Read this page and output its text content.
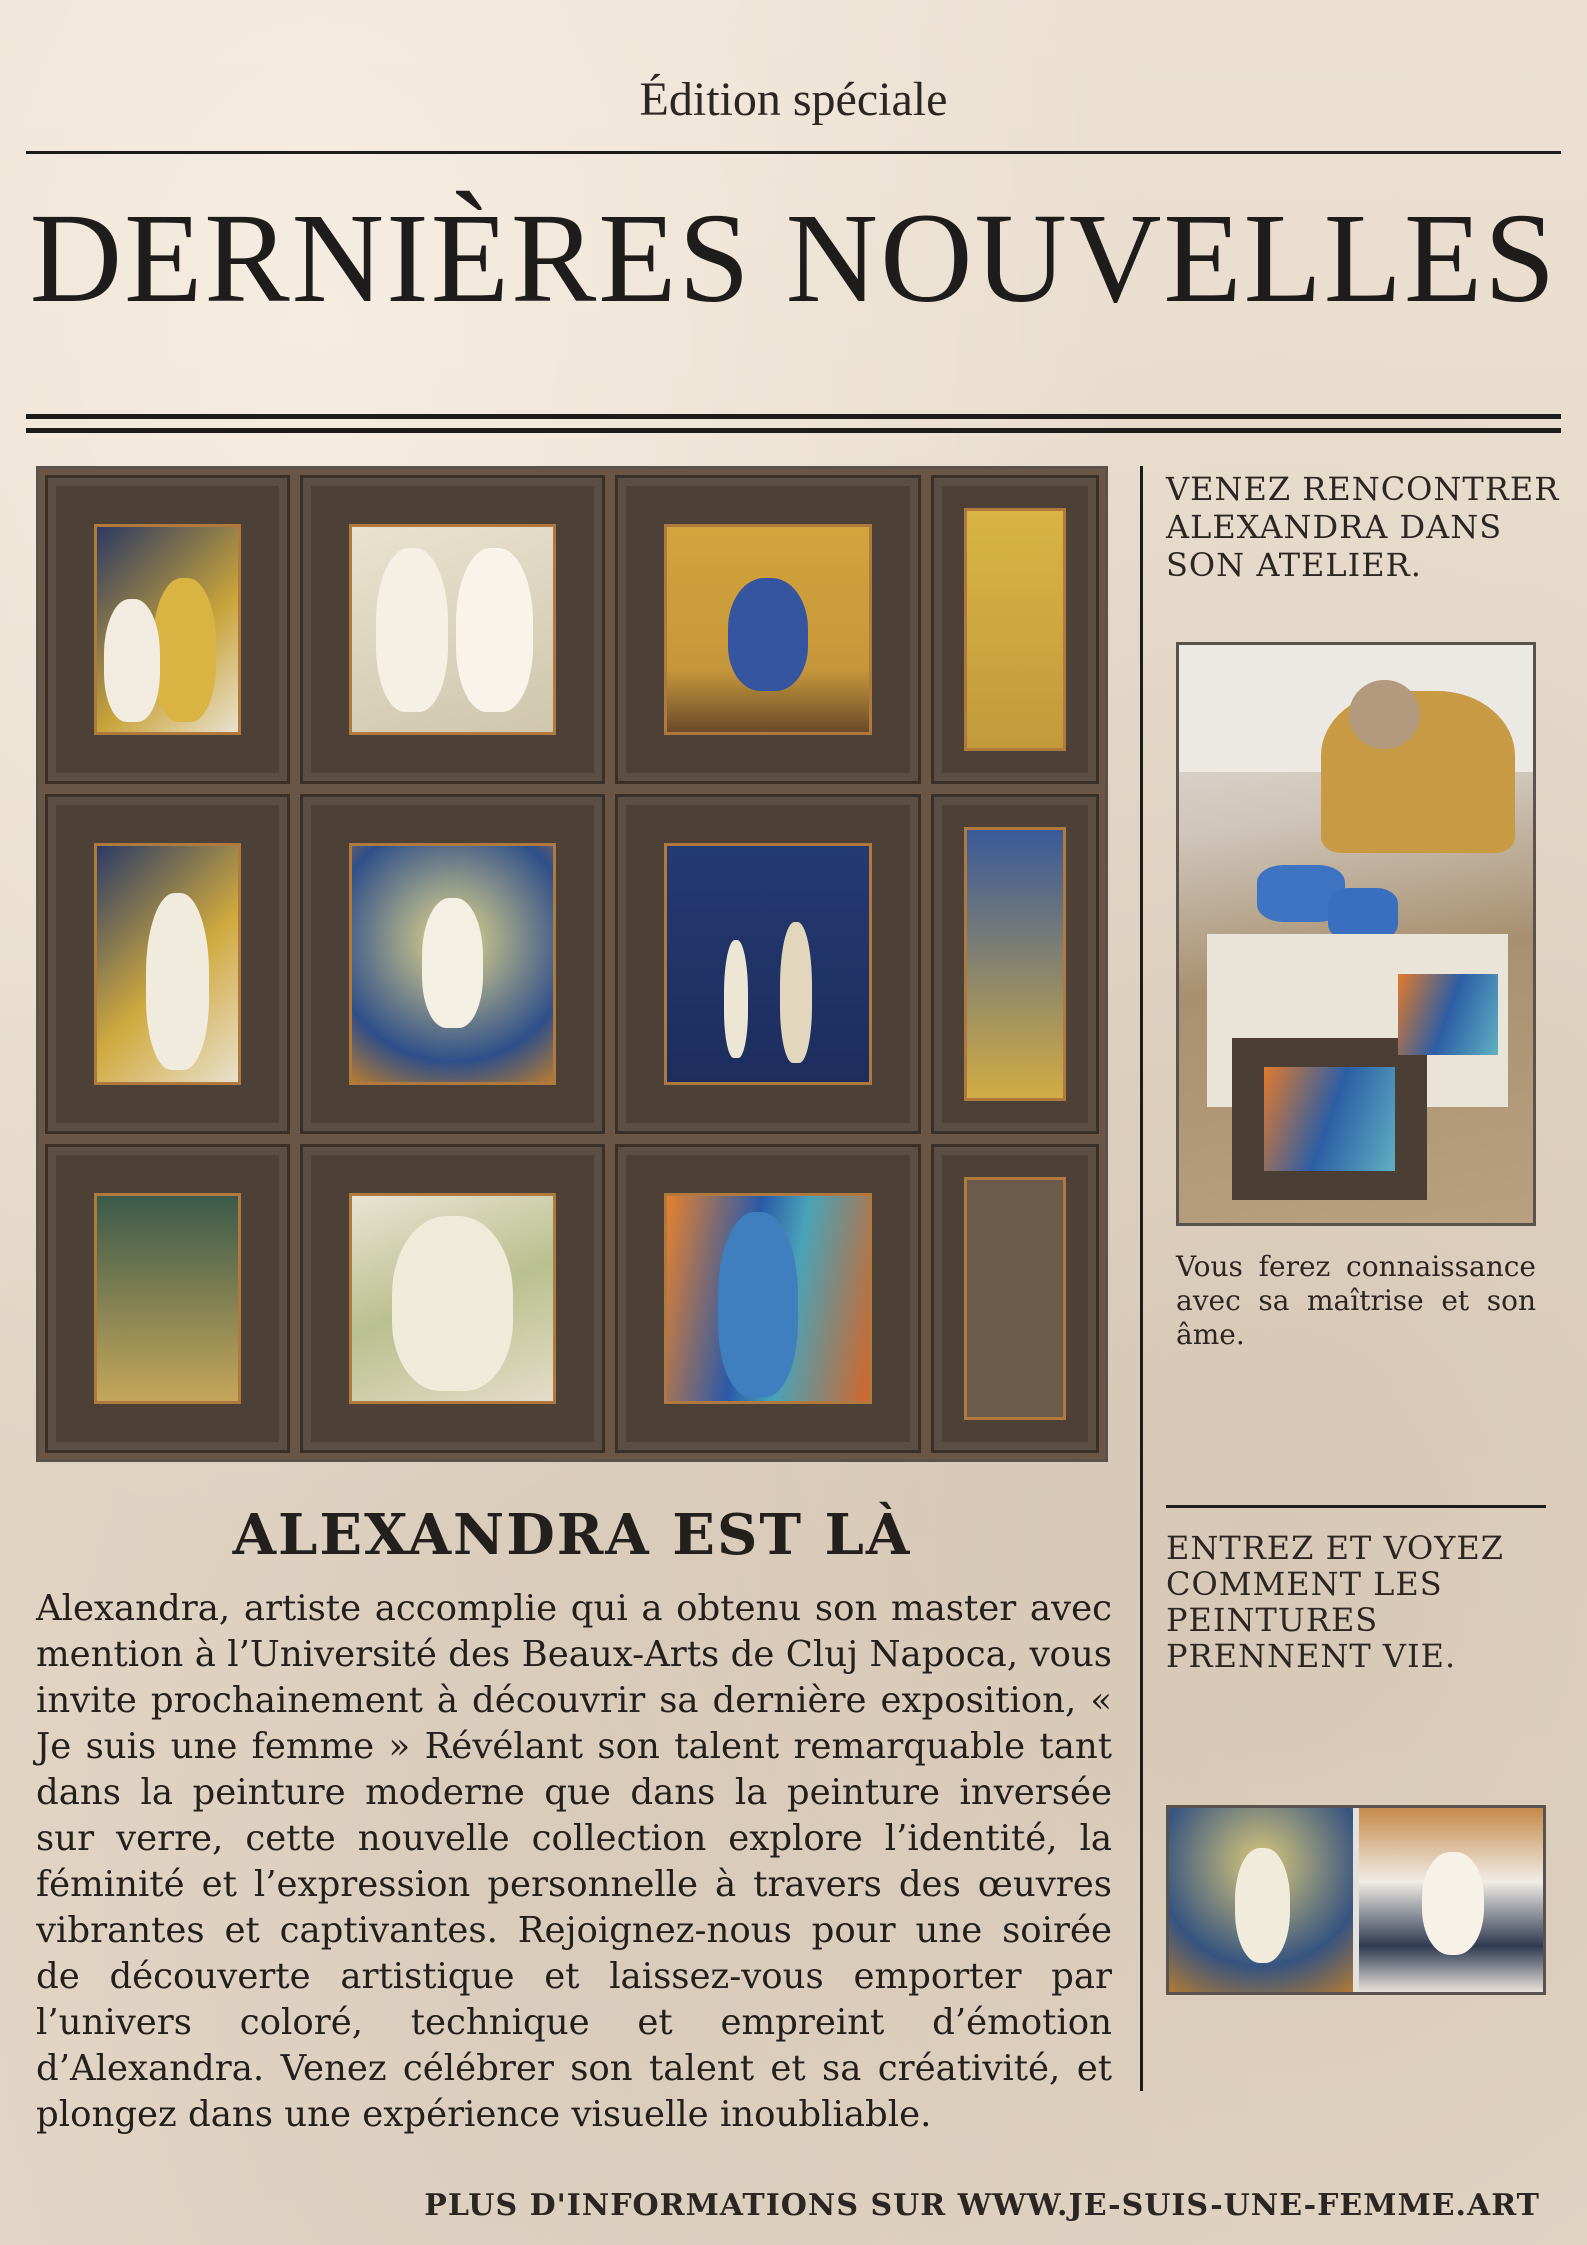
Édition spéciale
DERNIÈRES NOUVELLES
VENEZ RENCONTRER ALEXANDRA DANS SON ATELIER.
Vous ferez connaissance avec sa maîtrise et son âme.
ENTREZ ET VOYEZ COMMENT LES PEINTURES PRENNENT VIE.
ALEXANDRA EST LÀ
Alexandra, artiste accomplie qui a obtenu son master avec mention à l’Université des Beaux-Arts de Cluj Napoca, vous invite prochainement à découvrir sa dernière exposition, « Je suis une femme » Révélant son talent remarquable tant dans la peinture moderne que dans la peinture inversée sur verre, cette nouvelle collection explore l’identité, la féminité et l’expression personnelle à travers des œuvres vibrantes et captivantes. Rejoignez-nous pour une soirée de découverte artistique et laissez-vous emporter par l’univers coloré, technique et empreint d’émotion d’Alexandra. Venez célébrer son talent et sa créativité, et plongez dans une expérience visuelle inoubliable.
PLUS D'INFORMATIONS SUR WWW.JE-SUIS-UNE-FEMME.ART
